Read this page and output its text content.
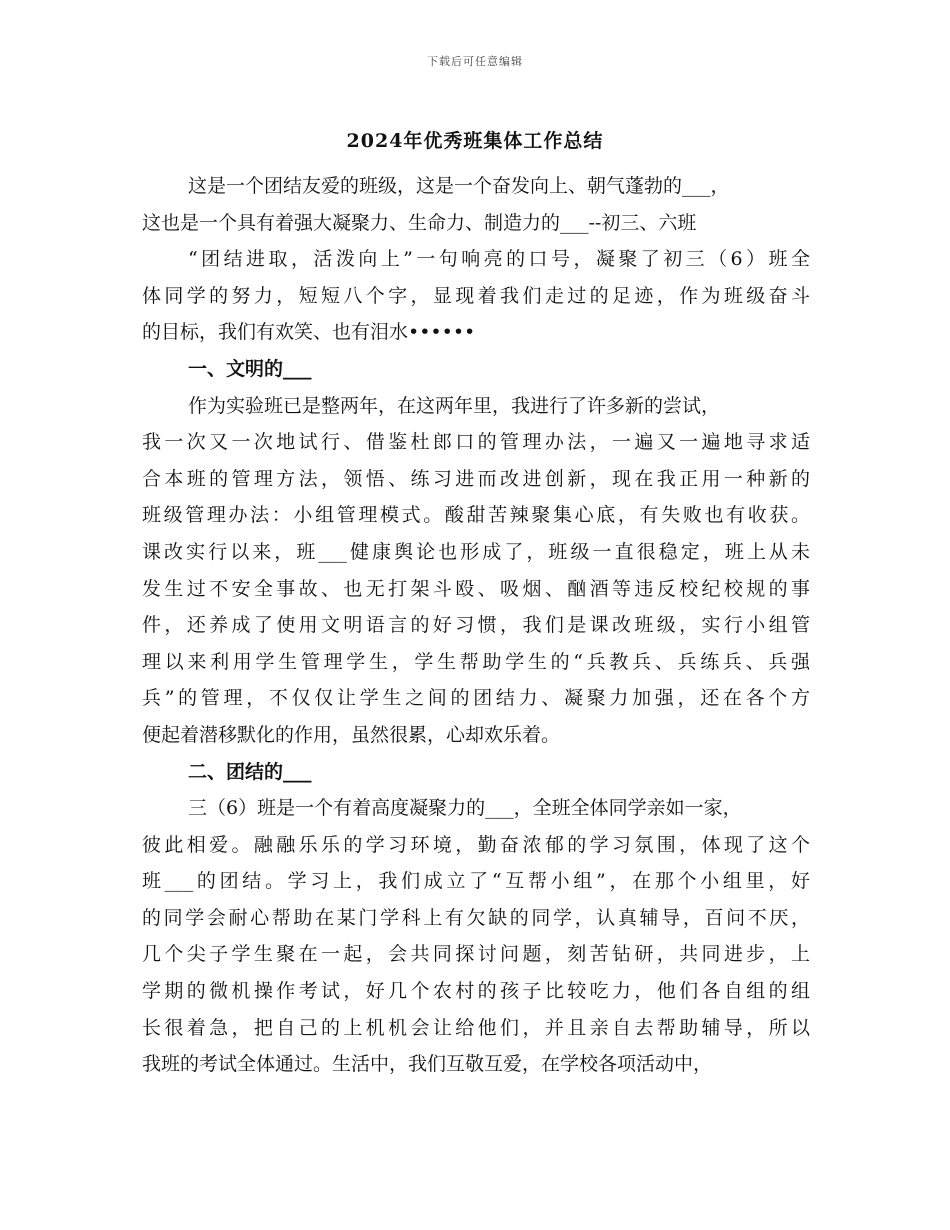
下载后可任意编辑
2024年优秀班集体工作总结
这是一个团结友爱的班级，这是一个奋发向上、朝气蓬勃的___，
这也是一个具有着强大凝聚力、生命力、制造力的___--初三、六班
“团结进取，活泼向上”一句响亮的口号，凝聚了初三（6）班全
体同学的努力，短短八个字，显现着我们走过的足迹，作为班级奋斗
的目标，我们有欢笑、也有泪水••••••
一、文明的___
作为实验班已是整两年，在这两年里，我进行了许多新的尝试，
我一次又一次地试行、借鉴杜郎口的管理办法，一遍又一遍地寻求适
合本班的管理方法，领悟、练习进而改进创新，现在我正用一种新的
班级管理办法：小组管理模式。酸甜苦辣聚集心底，有失败也有收获。
课改实行以来，班___健康舆论也形成了，班级一直很稳定，班上从未
发生过不安全事故、也无打架斗殴、吸烟、酗酒等违反校纪校规的事
件，还养成了使用文明语言的好习惯，我们是课改班级，实行小组管
理以来利用学生管理学生，学生帮助学生的“兵教兵、兵练兵、兵强
兵”的管理，不仅仅让学生之间的团结力、凝聚力加强，还在各个方
便起着潜移默化的作用，虽然很累，心却欢乐着。
二、团结的___
三（6）班是一个有着高度凝聚力的___，全班全体同学亲如一家，
彼此相爱。融融乐乐的学习环境，勤奋浓郁的学习氛围，体现了这个
班___的团结。学习上，我们成立了“互帮小组”，在那个小组里，好
的同学会耐心帮助在某门学科上有欠缺的同学，认真辅导，百问不厌，
几个尖子学生聚在一起，会共同探讨问题，刻苦钻研，共同进步，上
学期的微机操作考试，好几个农村的孩子比较吃力，他们各自组的组
长很着急，把自己的上机机会让给他们，并且亲自去帮助辅导，所以
我班的考试全体通过。生活中，我们互敬互爱，在学校各项活动中，
